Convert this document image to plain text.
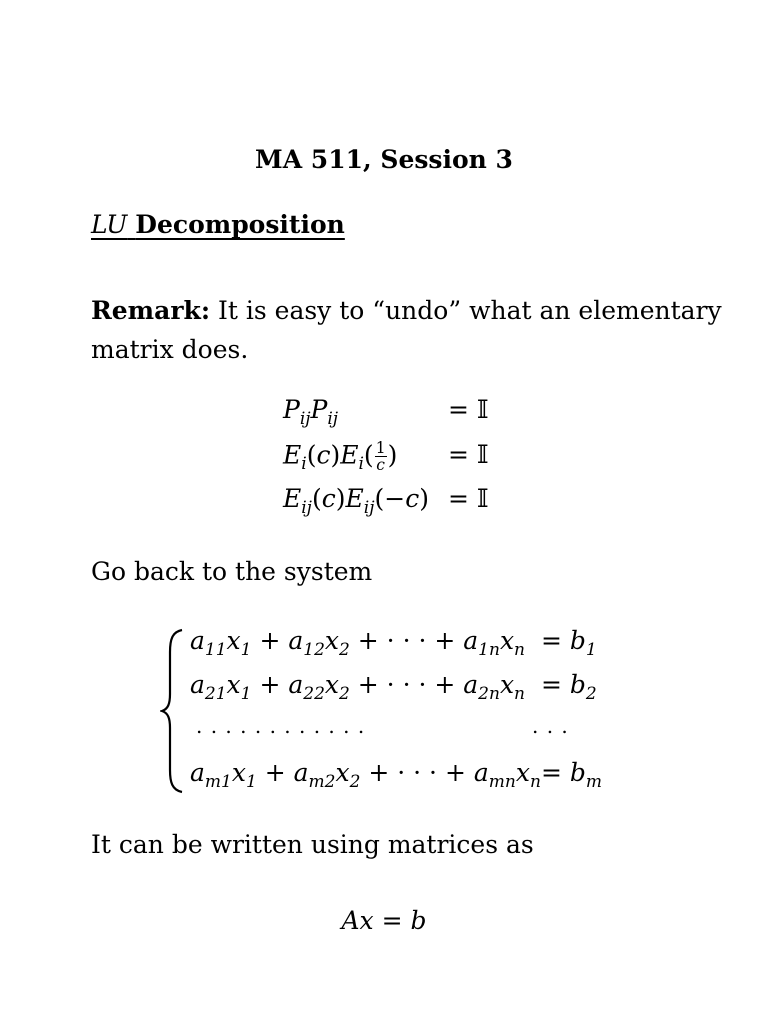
MA 511, Session 3
LU Decomposition
Remark: It is easy to “undo” what an elementary
matrix does.
$P_{ij}P_{ij}$	= 𝕀
$E_i(c)E_i( \frac{1}{c}$ ) = 𝕀
$E_{ij}(c)E_{ij}(-c)$ = 𝕀
Go back to the system
$a_{11}x_1 + a_{12}x_2$ + · · · + $a_{1n}x_n = b_1$
$a_{21}x_1 + a_{22}x_2$ + · · · + $a_{2n}x_n = b_2$
. . . . . . . . . . . .	. . .
$a_{m1}x_1 + a_{m2}x_2$ + · · · + $a_{mn}x_n = b_m$
It can be written using matrices as
Ax = b
